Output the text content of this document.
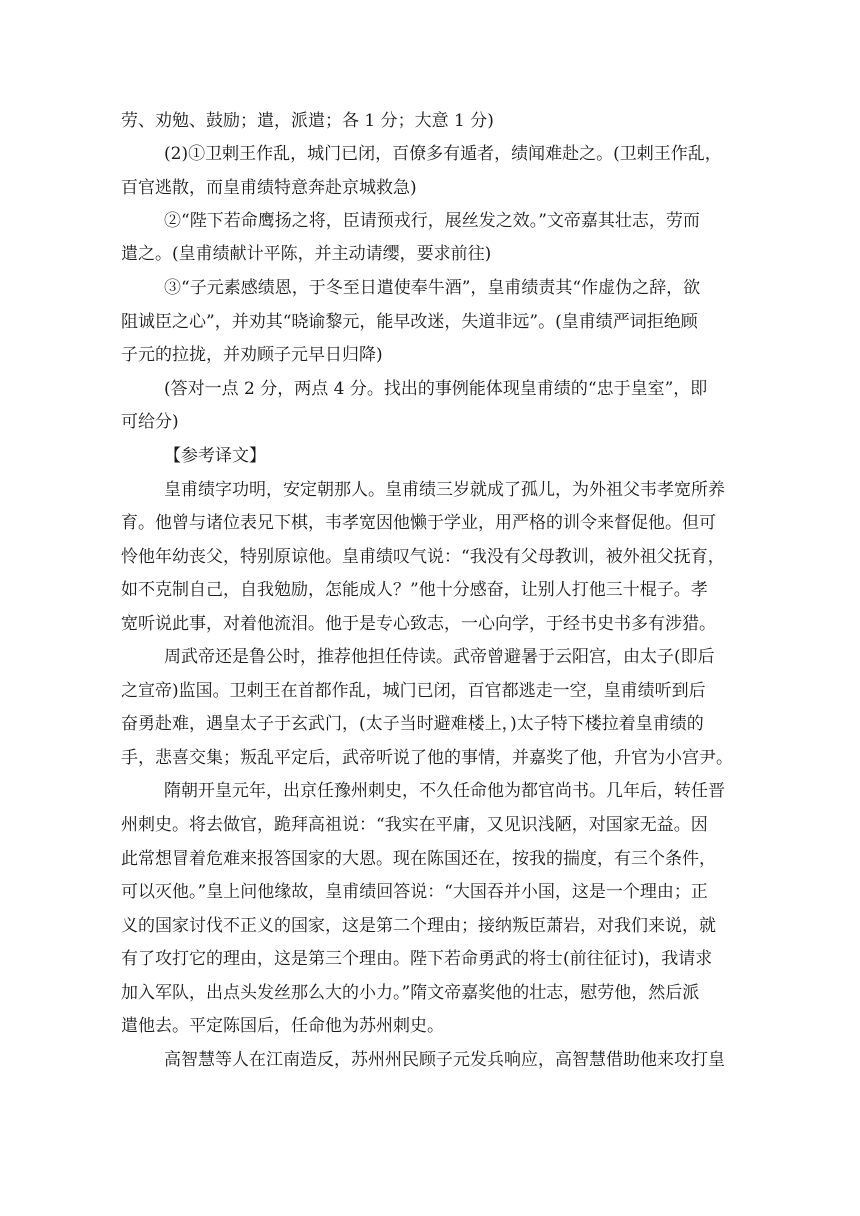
劳、劝勉、鼓励；遣，派遣；各 1 分；大意 1 分)
(2)①卫剌王作乱，城门已闭，百僚多有遁者，绩闻难赴之。(卫剌王作乱，
百官逃散，而皇甫绩特意奔赴京城救急)
②“陛下若命鹰扬之将，臣请预戎行，展丝发之效。”文帝嘉其壮志，劳而
遣之。(皇甫绩献计平陈，并主动请缨，要求前往)
③“子元素感绩恩，于冬至日遣使奉牛酒”，皇甫绩责其“作虚伪之辞，欲
阻诚臣之心”，并劝其“晓谕黎元，能早改迷，失道非远”。(皇甫绩严词拒绝顾
子元的拉拢，并劝顾子元早日归降)
(答对一点 2 分，两点 4 分。找出的事例能体现皇甫绩的“忠于皇室”，即
可给分)
【参考译文】
皇甫绩字功明，安定朝那人。皇甫绩三岁就成了孤儿，为外祖父韦孝宽所养
育。他曾与诸位表兄下棋，韦孝宽因他懒于学业，用严格的训令来督促他。但可
怜他年幼丧父，特别原谅他。皇甫绩叹气说：“我没有父母教训，被外祖父抚育，
如不克制自己，自我勉励，怎能成人？”他十分感奋，让别人打他三十棍子。孝
宽听说此事，对着他流泪。他于是专心致志，一心向学，于经书史书多有涉猎。
周武帝还是鲁公时，推荐他担任侍读。武帝曾避暑于云阳宫，由太子(即后
之宣帝)监国。卫剌王在首都作乱，城门已闭，百官都逃走一空，皇甫绩听到后
奋勇赴难，遇皇太子于玄武门，(太子当时避难楼上，)太子特下楼拉着皇甫绩的
手，悲喜交集；叛乱平定后，武帝听说了他的事情，并嘉奖了他，升官为小宫尹。
隋朝开皇元年，出京任豫州刺史，不久任命他为都官尚书。几年后，转任晋
州刺史。将去做官，跪拜高祖说：“我实在平庸，又见识浅陋，对国家无益。因
此常想冒着危难来报答国家的大恩。现在陈国还在，按我的揣度，有三个条件，
可以灭他。”皇上问他缘故，皇甫绩回答说：“大国吞并小国，这是一个理由；正
义的国家讨伐不正义的国家，这是第二个理由；接纳叛臣萧岩，对我们来说，就
有了攻打它的理由，这是第三个理由。陛下若命勇武的将士(前往征讨)，我请求
加入军队，出点头发丝那么大的小力。”隋文帝嘉奖他的壮志，慰劳他，然后派
遣他去。平定陈国后，任命他为苏州刺史。
高智慧等人在江南造反，苏州州民顾子元发兵响应，高智慧借助他来攻打皇
